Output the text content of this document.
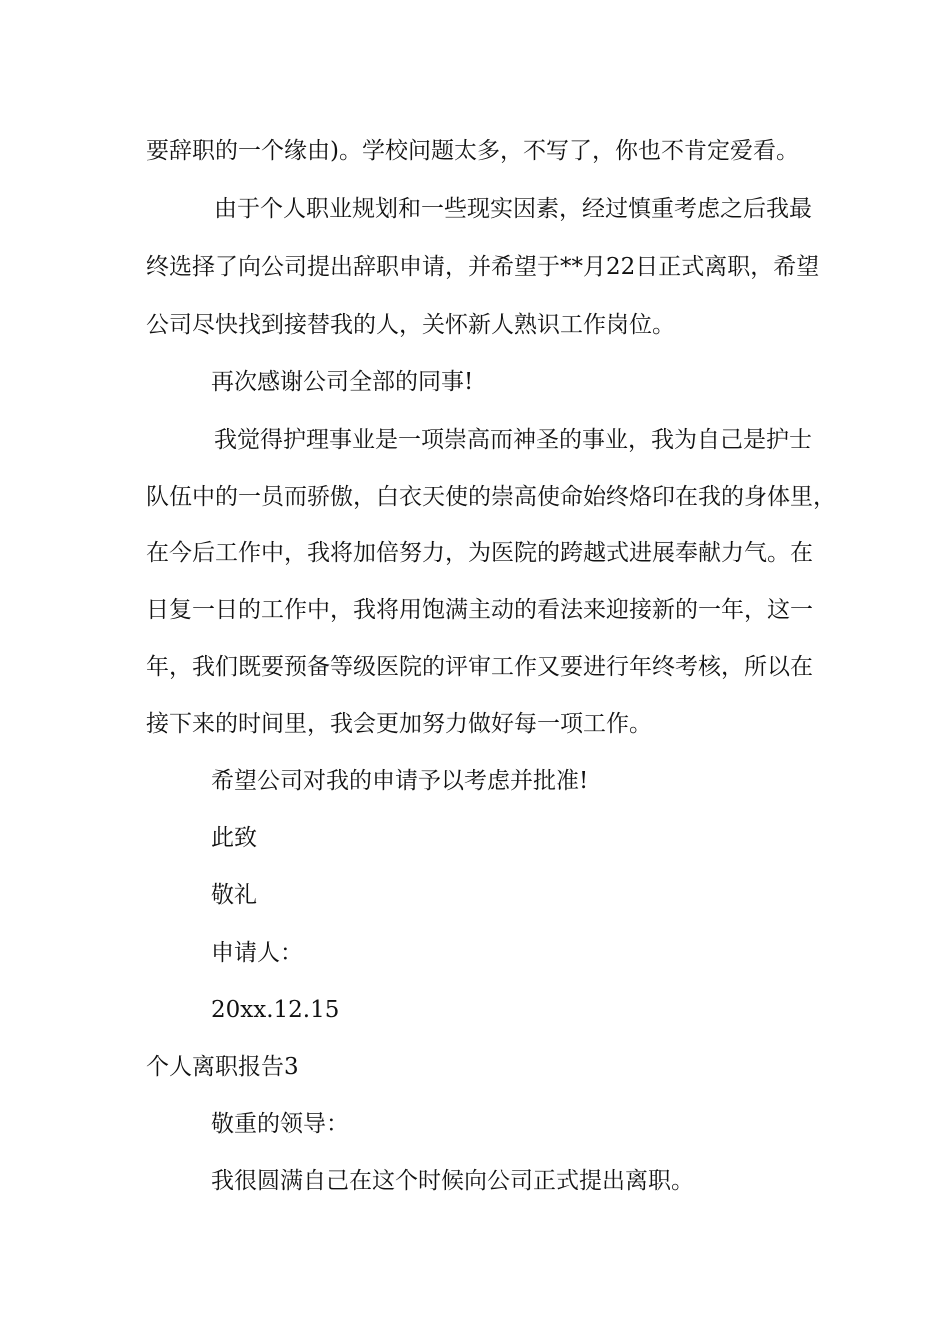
要辞职的一个缘由)。学校问题太多，不写了，你也不肯定爱看。
由于个人职业规划和一些现实因素，经过慎重考虑之后我最
终选择了向公司提出辞职申请，并希望于**月22日正式离职，希望
公司尽快找到接替我的人，关怀新人熟识工作岗位。
再次感谢公司全部的同事!
我觉得护理事业是一项崇高而神圣的事业，我为自己是护士
队伍中的一员而骄傲，白衣天使的崇高使命始终烙印在我的身体里，
在今后工作中，我将加倍努力，为医院的跨越式进展奉献力气。在
日复一日的工作中，我将用饱满主动的看法来迎接新的一年，这一
年，我们既要预备等级医院的评审工作又要进行年终考核，所以在
接下来的时间里，我会更加努力做好每一项工作。
希望公司对我的申请予以考虑并批准!
此致
敬礼
申请人：
20xx.12.15
个人离职报告3
敬重的领导：
我很圆满自己在这个时候向公司正式提出离职。
